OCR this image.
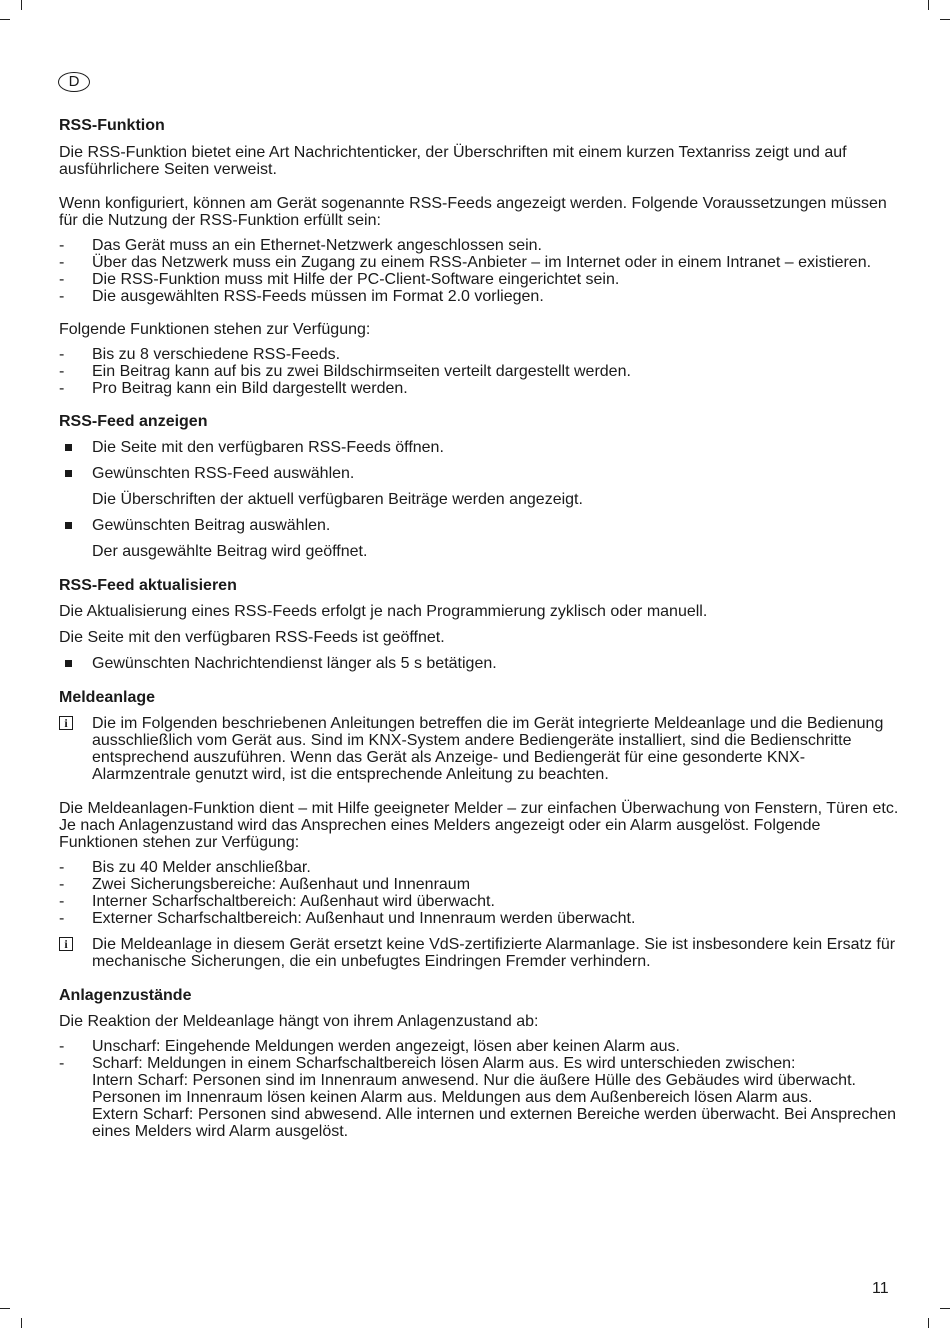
D
RSS-Funktion

Die RSS-Funktion bietet eine Art Nachrichtenticker, der Überschriften mit einem kurzen Textanriss zeigt und auf ausführlichere Seiten verweist.

Wenn konfiguriert, können am Gerät sogenannte RSS-Feeds angezeigt werden. Folgende Voraussetzungen müssen für die Nutzung der RSS-Funktion erfüllt sein:

- Das Gerät muss an ein Ethernet-Netzwerk angeschlossen sein.
- Über das Netzwerk muss ein Zugang zu einem RSS-Anbieter – im Internet oder in einem Intranet – existieren.
- Die RSS-Funktion muss mit Hilfe der PC-Client-Software eingerichtet sein.
- Die ausgewählten RSS-Feeds müssen im Format 2.0 vorliegen.

Folgende Funktionen stehen zur Verfügung:

- Bis zu 8 verschiedene RSS-Feeds.
- Ein Beitrag kann auf bis zu zwei Bildschirmseiten verteilt dargestellt werden.
- Pro Beitrag kann ein Bild dargestellt werden.
RSS-Feed anzeigen
Die Seite mit den verfügbaren RSS-Feeds öffnen.
Gewünschten RSS-Feed auswählen.

Die Überschriften der aktuell verfügbaren Beiträge werden angezeigt.

Gewünschten Beitrag auswählen.

Der ausgewählte Beitrag wird geöffnet.

RSS-Feed aktualisieren

Die Aktualisierung eines RSS-Feeds erfolgt je nach Programmierung zyklisch oder manuell.

Die Seite mit den verfügbaren RSS-Feeds ist geöffnet.

Gewünschten Nachrichtendienst länger als 5 s betätigen.
Meldeanlage
i	Die im Folgenden beschriebenen Anleitungen betreffen die im Gerät integrierte Meldeanlage und die Bedienung ausschließlich vom Gerät aus. Sind im KNX-System andere Bediengeräte installiert, sind die Bedienschritte entsprechend auszuführen. Wenn das Gerät als Anzeige- und Bediengerät für eine gesonderte KNX-Alarmzentrale genutzt wird, ist die entsprechende Anleitung zu beachten.

Die Meldeanlagen-Funktion dient – mit Hilfe geeigneter Melder – zur einfachen Überwachung von Fenstern, Türen etc. Je nach Anlagenzustand wird das Ansprechen eines Melders angezeigt oder ein Alarm ausgelöst. Folgende Funktionen stehen zur Verfügung:

- Bis zu 40 Melder anschließbar.
- Zwei Sicherungsbereiche: Außenhaut und Innenraum
- Interner Scharfschaltbereich: Außenhaut wird überwacht.
- Externer Scharfschaltbereich: Außenhaut und Innenraum werden überwacht.
i	Die Meldeanlage in diesem Gerät ersetzt keine VdS-zertifizierte Alarmanlage. Sie ist insbesondere kein Ersatz für mechanische Sicherungen, die ein unbefugtes Eindringen Fremder verhindern.
Anlagenzustände

Die Reaktion der Meldeanlage hängt von ihrem Anlagenzustand ab:

- Unscharf: Eingehende Meldungen werden angezeigt, lösen aber keinen Alarm aus.
- Scharf: Meldungen in einem Scharfschaltbereich lösen Alarm aus. Es wird unterschieden zwischen:
Intern Scharf: Personen sind im Innenraum anwesend. Nur die äußere Hülle des Gebäudes wird überwacht. Personen im Innenraum lösen keinen Alarm aus. Meldungen aus dem Außenbereich lösen Alarm aus.
Extern Scharf: Personen sind abwesend. Alle internen und externen Bereiche werden überwacht. Bei Ansprechen eines Melders wird Alarm ausgelöst.
11
